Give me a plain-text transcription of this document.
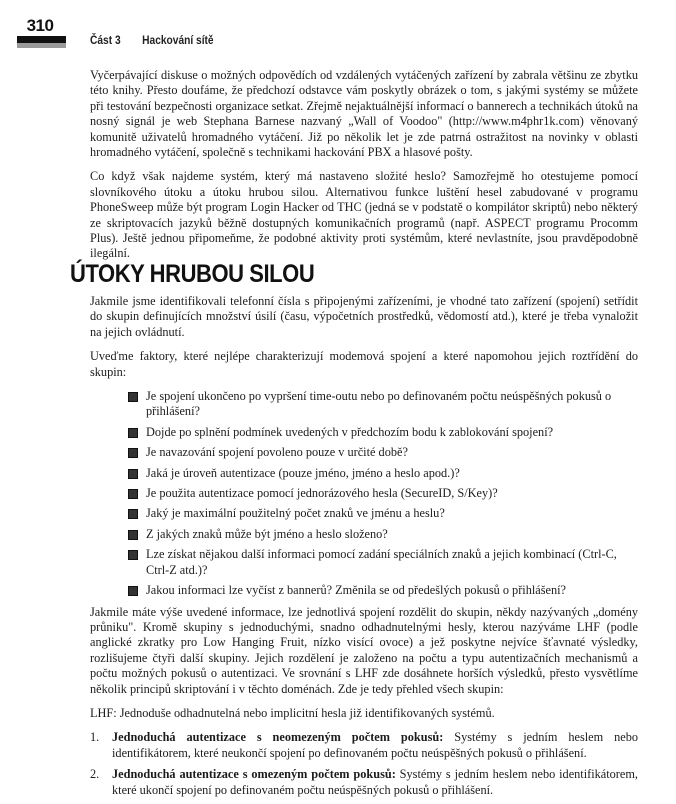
310
Část 3 Hackování sítě

Vyčerpávající diskuse o možných odpovědích od vzdálených vytáčených zařízení by zabrala většinu ze zbytku této knihy. Přesto doufáme, že předchozí odstavce vám poskytly obrázek o tom, s jakými systémy se můžete při testování bezpečnosti organizace setkat. Zřejmě nejaktuálnější informací o bannerech a technikách útoků na nosný signál je web Stephana Barnese nazvaný „Wall of Voodoo" (http://www.m4phr1k.com) věnovaný komunitě uživatelů hromadného vytáčení. Již po několik let je zde patrná ostražitost na novinky v oblasti hromadného vytáčení, společně s technikami hackování PBX a hlasové pošty.

Co když však najdeme systém, který má nastaveno složité heslo? Samozřejmě ho otestujeme pomocí slovníkového útoku a útoku hrubou silou. Alternativou funkce luštění hesel zabudované v programu PhoneSweep může být program Login Hacker od THC (jedná se v podstatě o kompilátor skriptů) nebo některý ze skriptovacích jazyků běžně dostupných komunikačních programů (např. ASPECT programu Procomm Plus). Ještě jednou připomeňme, že podobné aktivity proti systémům, které nevlastníte, jsou pravděpodobně ilegální.

ÚTOKY HRUBOU SILOU

Jakmile jsme identifikovali telefonní čísla s připojenými zařízeními, je vhodné tato zařízení (spojení) setřídit do skupin definujících množství úsilí (času, výpočetních prostředků, vědomostí atd.), které je třeba vynaložit na jejich ovládnutí.

Uveďme faktory, které nejlépe charakterizují modemová spojení a které napomohou jejich roztřídění do skupin:

Je spojení ukončeno po vypršení time-outu nebo po definovaném počtu neúspěšných pokusů o přihlášení?
Dojde po splnění podmínek uvedených v předchozím bodu k zablokování spojení?
Je navazování spojení povoleno pouze v určité době?
Jaká je úroveň autentizace (pouze jméno, jméno a heslo apod.)?
Je použita autentizace pomocí jednorázového hesla (SecureID, S/Key)?
Jaký je maximální použitelný počet znaků ve jménu a heslu?
Z jakých znaků může být jméno a heslo složeno?
Lze získat nějakou další informaci pomocí zadání speciálních znaků a jejich kombinací (Ctrl-C, Ctrl-Z atd.)?
Jakou informaci lze vyčíst z bannerů? Změnila se od předešlých pokusů o přihlášení?

Jakmile máte výše uvedené informace, lze jednotlivá spojení rozdělit do skupin, někdy nazývaných „domény průniku". Kromě skupiny s jednoduchými, snadno odhadnutelnými hesly, kterou nazýváme LHF (podle anglické zkratky pro Low Hanging Fruit, nízko visící ovoce) a jež poskytne nejvíce šťavnaté výsledky, rozlišujeme čtyři další skupiny. Jejich rozdělení je založeno na počtu a typu autentizačních mechanismů a počtu možných pokusů o autentizaci. Ve srovnání s LHF zde dosáhnete horších výsledků, přesto vysvětlíme několik principů skriptování i v těchto doménách. Zde je tedy přehled všech skupin:

LHF: Jednoduše odhadnutelná nebo implicitní hesla již identifikovaných systémů.

1. Jednoduchá autentizace s neomezeným počtem pokusů: Systémy s jedním heslem nebo identifikátorem, které neukončí spojení po definovaném počtu neúspěšných pokusů o přihlášení.
2. Jednoduchá autentizace s omezeným počtem pokusů: Systémy s jedním heslem nebo identifikátorem, které ukončí spojení po definovaném počtu neúspěšných pokusů o přihlášení.
